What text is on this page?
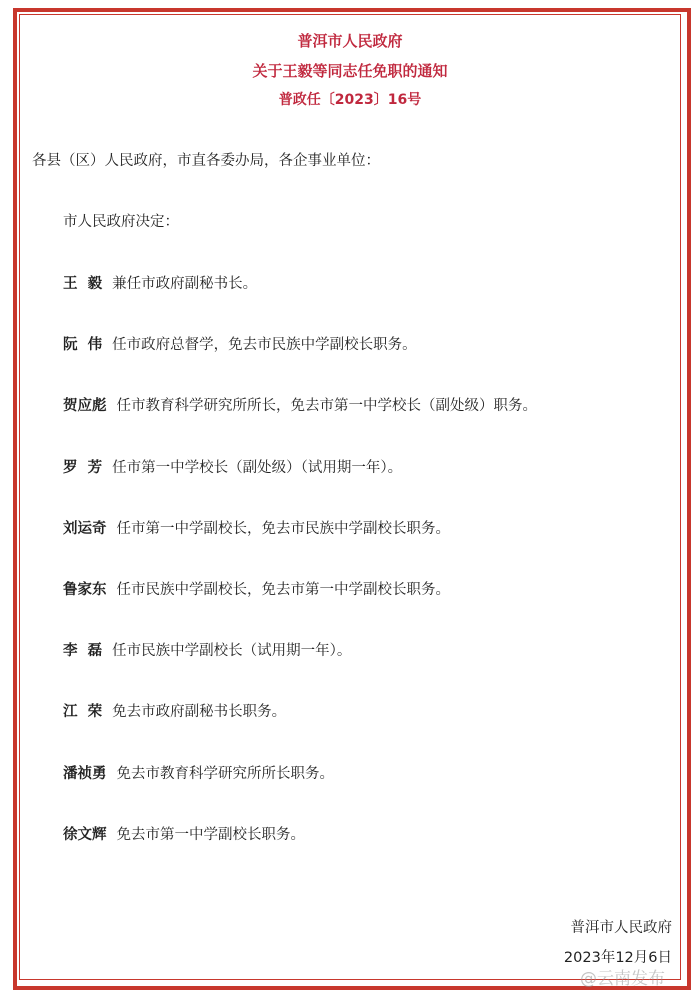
普洱市人民政府
关于王毅等同志任免职的通知
普政任〔2023〕16号
各县（区）人民政府，市直各委办局，各企事业单位：
市人民政府决定：
王  毅 兼任市政府副秘书长。
阮  伟 任市政府总督学，免去市民族中学副校长职务。
贺应彪 任市教育科学研究所所长，免去市第一中学校长（副处级）职务。
罗  芳 任市第一中学校长（副处级）（试用期一年）。
刘运奇 任市第一中学副校长，免去市民族中学副校长职务。
鲁家东 任市民族中学副校长，免去市第一中学副校长职务。
李  磊 任市民族中学副校长（试用期一年）。
江  荣 免去市政府副秘书长职务。
潘祯勇 免去市教育科学研究所所长职务。
徐文辉 免去市第一中学副校长职务。
普洱市人民政府
2023年12月6日
@云南发布
